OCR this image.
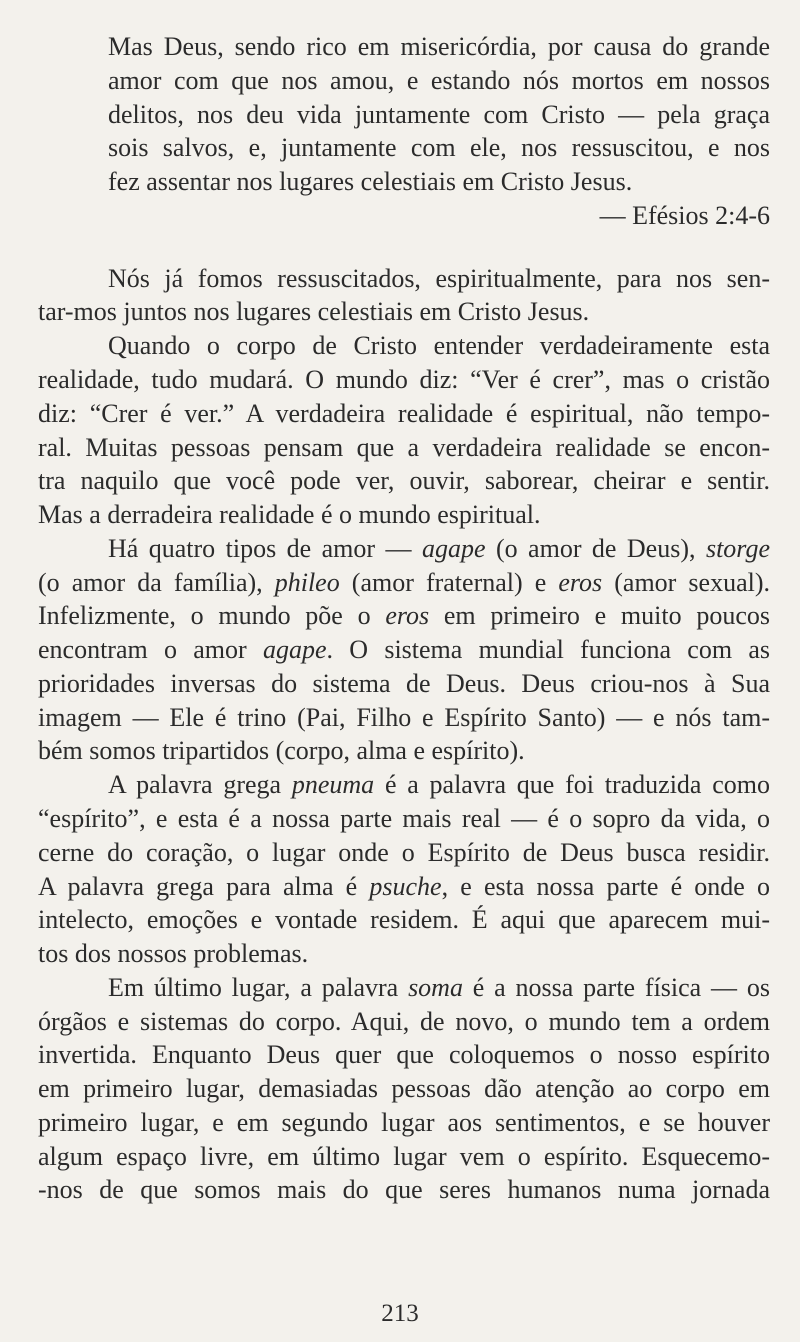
Mas Deus, sendo rico em misericórdia, por causa do grande

amor com que nos amou, e estando nós mortos em nossos

delitos, nos deu vida juntamente com Cristo — pela graça

sois salvos, e, juntamente com ele, nos ressuscitou, e nos

fez assentar nos lugares celestiais em Cristo Jesus.

— Efésios 2:4-6

Nós já fomos ressuscitados, espiritualmente, para nos sen-

tar-mos juntos nos lugares celestiais em Cristo Jesus.

Quando o corpo de Cristo entender verdadeiramente esta

realidade, tudo mudará. O mundo diz: “Ver é crer”, mas o cristão

diz: “Crer é ver.” A verdadeira realidade é espiritual, não tempo-

ral. Muitas pessoas pensam que a verdadeira realidade se encon-

tra naquilo que você pode ver, ouvir, saborear, cheirar e sentir.

Mas a derradeira realidade é o mundo espiritual.

Há quatro tipos de amor — agape (o amor de Deus), storge

(o amor da família), phileo (amor fraternal) e eros (amor sexual).

Infelizmente, o mundo põe o eros em primeiro e muito poucos

encontram o amor agape. O sistema mundial funciona com as

prioridades inversas do sistema de Deus. Deus criou-nos à Sua

imagem — Ele é trino (Pai, Filho e Espírito Santo) — e nós tam-

bém somos tripartidos (corpo, alma e espírito).

A palavra grega pneuma é a palavra que foi traduzida como

“espírito”, e esta é a nossa parte mais real — é o sopro da vida, o

cerne do coração, o lugar onde o Espírito de Deus busca residir.

A palavra grega para alma é psuche, e esta nossa parte é onde o

intelecto, emoções e vontade residem. É aqui que aparecem mui-

tos dos nossos problemas.

Em último lugar, a palavra soma é a nossa parte física — os

órgãos e sistemas do corpo. Aqui, de novo, o mundo tem a ordem

invertida. Enquanto Deus quer que coloquemos o nosso espírito

em primeiro lugar, demasiadas pessoas dão atenção ao corpo em

primeiro lugar, e em segundo lugar aos sentimentos, e se houver

algum espaço livre, em último lugar vem o espírito. Esquecemo-

-nos de que somos mais do que seres humanos numa jornada

213
